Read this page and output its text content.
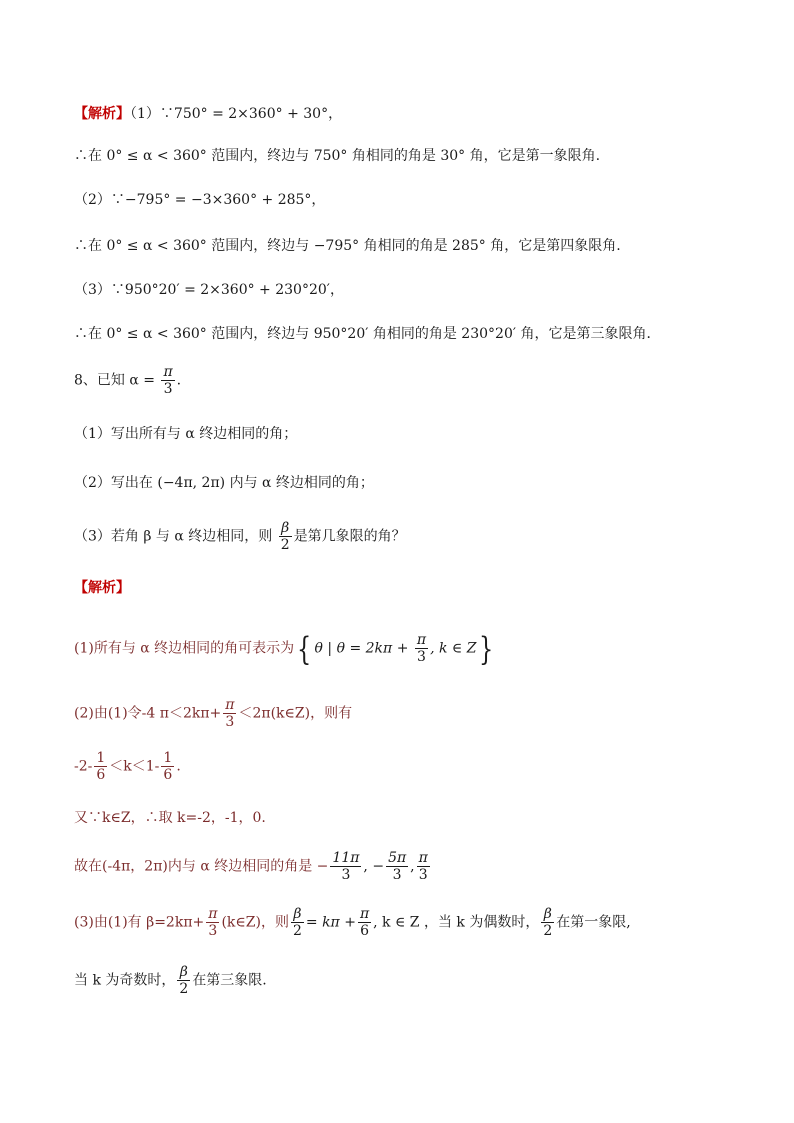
【解析】（1）∵750° = 2×360° + 30°，
∴在 0° ≤ α < 360° 范围内，终边与 750° 角相同的角是 30° 角，它是第一象限角.
（2）∵−795° = −3×360° + 285°，
∴在 0° ≤ α < 360° 范围内，终边与 −795° 角相同的角是 285° 角，它是第四象限角.
（3）∵950°20′ = 2×360° + 230°20′，
∴在 0° ≤ α < 360° 范围内，终边与 950°20′ 角相同的角是 230°20′ 角，它是第三象限角．
8、已知 $\alpha = \frac{\pi}{3}$ .
（1）写出所有与 α 终边相同的角；
（2）写出在 (−4π, 2π) 内与 α 终边相同的角；
（3）若角 β 与 α 终边相同，则 $\frac{\beta}{2}$ 是第几象限的角？
【解析】
(1)所有与 α 终边相同的角可表示为{ θ | $\theta = 2k\pi + \frac{\pi}{3}$ , k ∈ Z}
(2)由(1)令-4 $\pi<2k\pi+ \frac{\pi}{3}$ ＜2π(k∈Z)，则有
$-2- \frac{1}{6} <k<1- \frac{1}{6}$ .
又∵k∈Z，∴取 k=-2，-1，0.
故在(-4π，2π)内与 α 终边相同的角是 − $\frac{11\pi}{3}$ , − $\frac{5\pi}{3}$ , $\frac{\pi}{3}$
(3)由(1)有 $\beta=2k\pi+ \frac{\pi}{3}$ (k∈Z)，则 $\frac{\beta}{2} = k\pi + \frac{\pi}{6}$ , k ∈ Z ，当 k 为偶数时， $\frac{\beta}{2}$ 在第一象限,
当 k 为奇数时， $\frac{\beta}{2}$ 在第三象限.
